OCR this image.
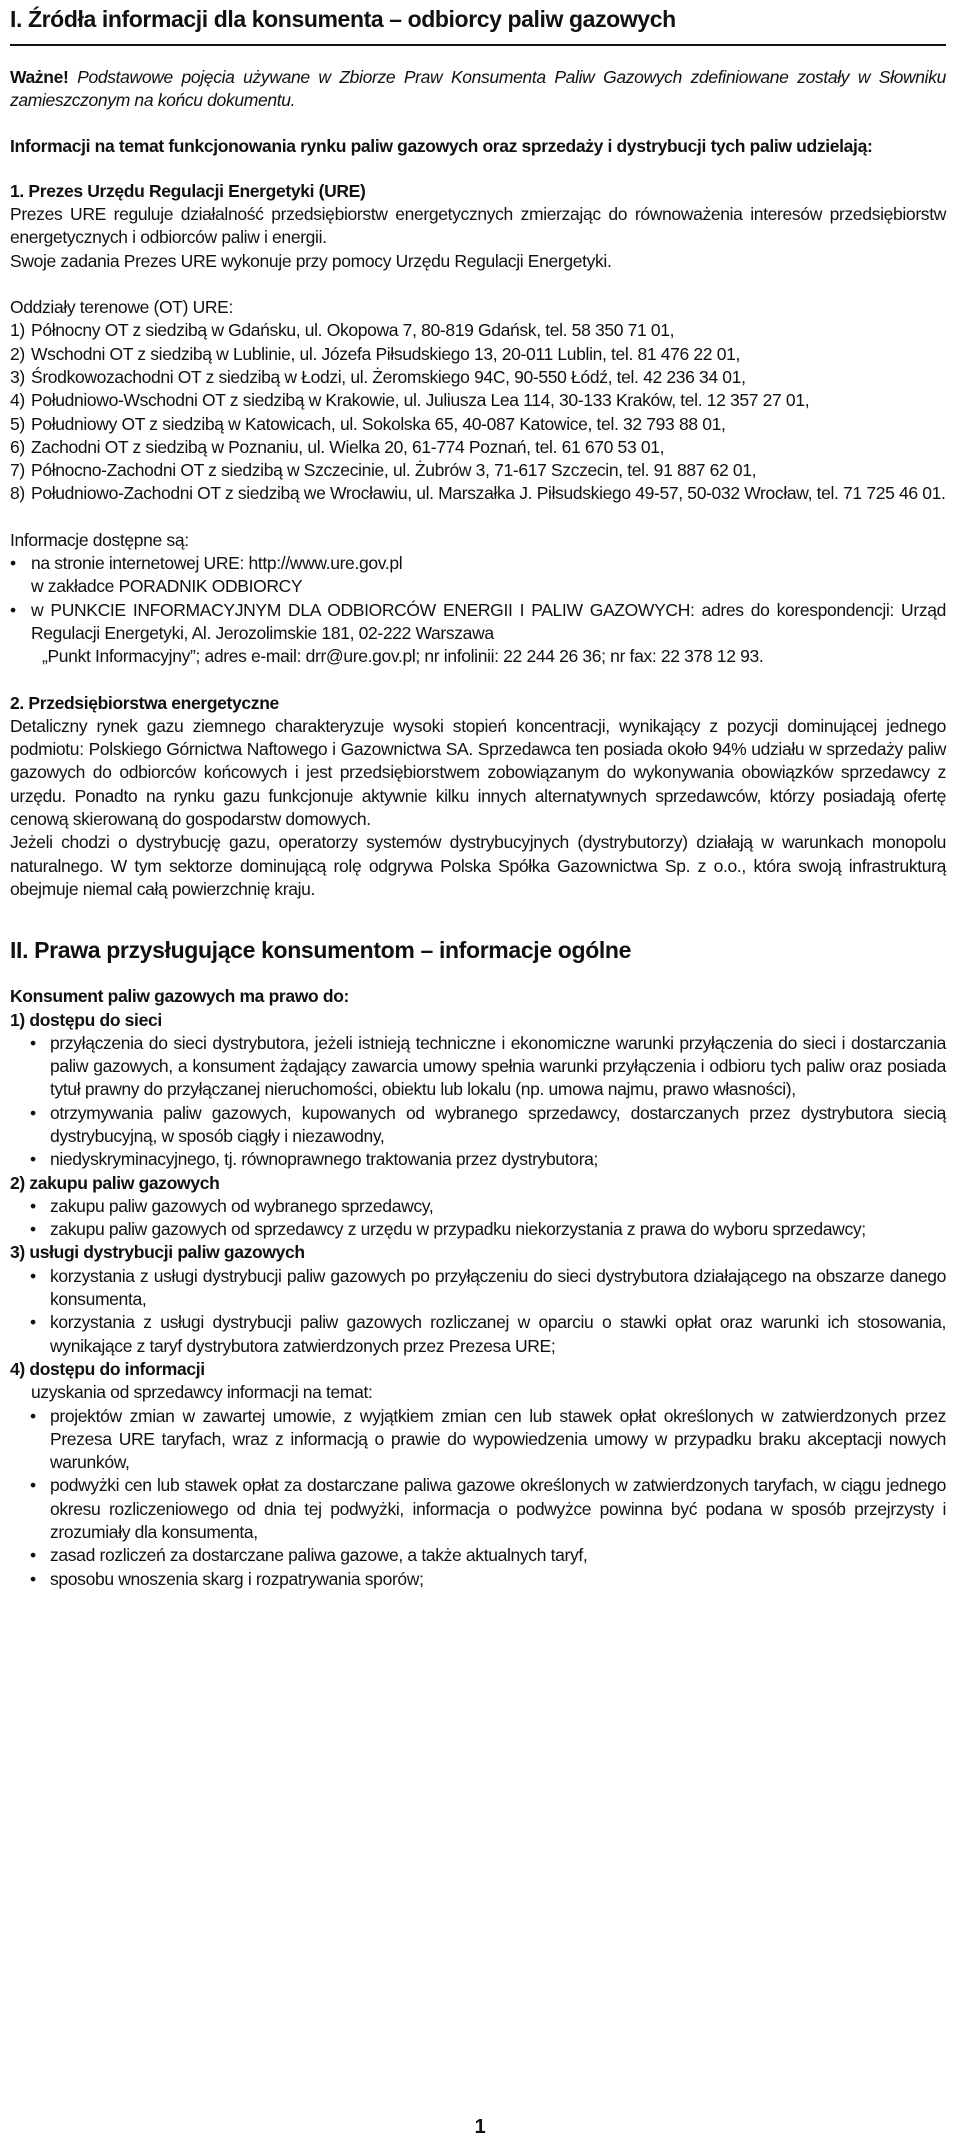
I. Źródła informacji dla konsumenta – odbiorcy paliw gazowych

Ważne! Podstawowe pojęcia używane w Zbiorze Praw Konsumenta Paliw Gazowych zdefiniowane zostały w Słowniku zamieszczonym na końcu dokumentu.

Informacji na temat funkcjonowania rynku paliw gazowych oraz sprzedaży i dystrybucji tych paliw udzielają:

1. Prezes Urzędu Regulacji Energetyki (URE)

Prezes URE reguluje działalność przedsiębiorstw energetycznych zmierzając do równoważenia interesów przedsiębiorstw energetycznych i odbiorców paliw i energii.

Swoje zadania Prezes URE wykonuje przy pomocy Urzędu Regulacji Energetyki.

Oddziały terenowe (OT) URE:

1) Północny OT z siedzibą w Gdańsku, ul. Okopowa 7, 80-819 Gdańsk, tel. 58 350 71 01,
2) Wschodni OT z siedzibą w Lublinie, ul. Józefa Piłsudskiego 13, 20-011 Lublin, tel. 81 476 22 01,
3) Środkowozachodni OT z siedzibą w Łodzi, ul. Żeromskiego 94C, 90-550 Łódź, tel. 42 236 34 01,
4) Południowo-Wschodni OT z siedzibą w Krakowie, ul. Juliusza Lea 114, 30-133 Kraków, tel. 12 357 27 01,
5) Południowy OT z siedzibą w Katowicach, ul. Sokolska 65, 40-087 Katowice, tel. 32 793 88 01,
6) Zachodni OT z siedzibą w Poznaniu, ul. Wielka 20, 61-774 Poznań, tel. 61 670 53 01,
7) Północno-Zachodni OT z siedzibą w Szczecinie, ul. Żubrów 3, 71-617 Szczecin, tel. 91 887 62 01,
8) Południowo-Zachodni OT z siedzibą we Wrocławiu, ul. Marszałka J. Piłsudskiego 49-57, 50-032 Wrocław, tel. 71 725 46 01.

Informacje dostępne są:

• na stronie internetowej URE: http://www.ure.gov.pl
w zakładce PORADNIK ODBIORCY
• w PUNKCIE INFORMACYJNYM DLA ODBIORCÓW ENERGII I PALIW GAZOWYCH: adres do korespondencji: Urząd Regulacji Energetyki, Al. Jerozolimskie 181, 02-222 Warszawa
„Punkt Informacyjny”; adres e-mail: drr@ure.gov.pl; nr infolinii: 22 244 26 36; nr fax: 22 378 12 93.

2. Przedsiębiorstwa energetyczne

Detaliczny rynek gazu ziemnego charakteryzuje wysoki stopień koncentracji, wynikający z pozycji dominującej jednego podmiotu: Polskiego Górnictwa Naftowego i Gazownictwa SA. Sprzedawca ten posiada około 94% udziału w sprzedaży paliw gazowych do odbiorców końcowych i jest przedsiębiorstwem zobowiązanym do wykonywania obowiązków sprzedawcy z urzędu. Ponadto na rynku gazu funkcjonuje aktywnie kilku innych alternatywnych sprzedawców, którzy posiadają ofertę cenową skierowaną do gospodarstw domowych.

Jeżeli chodzi o dystrybucję gazu, operatorzy systemów dystrybucyjnych (dystrybutorzy) działają w warunkach monopolu naturalnego. W tym sektorze dominującą rolę odgrywa Polska Spółka Gazownictwa Sp. z o.o., która swoją infrastrukturą obejmuje niemal całą powierzchnię kraju.

II. Prawa przysługujące konsumentom – informacje ogólne

Konsument paliw gazowych ma prawo do:

1) dostępu do sieci

• przyłączenia do sieci dystrybutora, jeżeli istnieją techniczne i ekonomiczne warunki przyłączenia do sieci i dostarczania paliw gazowych, a konsument żądający zawarcia umowy spełnia warunki przyłączenia i odbioru tych paliw oraz posiada tytuł prawny do przyłączanej nieruchomości, obiektu lub lokalu (np. umowa najmu, prawo własności),
• otrzymywania paliw gazowych, kupowanych od wybranego sprzedawcy, dostarczanych przez dystrybutora siecią dystrybucyjną, w sposób ciągły i niezawodny,
• niedyskryminacyjnego, tj. równoprawnego traktowania przez dystrybutora;

2) zakupu paliw gazowych

• zakupu paliw gazowych od wybranego sprzedawcy,
• zakupu paliw gazowych od sprzedawcy z urzędu w przypadku niekorzystania z prawa do wyboru sprzedawcy;

3) usługi dystrybucji paliw gazowych

• korzystania z usługi dystrybucji paliw gazowych po przyłączeniu do sieci dystrybutora działającego na obszarze danego konsumenta,
• korzystania z usługi dystrybucji paliw gazowych rozliczanej w oparciu o stawki opłat oraz warunki ich stosowania, wynikające z taryf dystrybutora zatwierdzonych przez Prezesa URE;

4) dostępu do informacji

uzyskania od sprzedawcy informacji na temat:

• projektów zmian w zawartej umowie, z wyjątkiem zmian cen lub stawek opłat określonych w zatwierdzonych przez Prezesa URE taryfach, wraz z informacją o prawie do wypowiedzenia umowy w przypadku braku akceptacji nowych warunków,
• podwyżki cen lub stawek opłat za dostarczane paliwa gazowe określonych w zatwierdzonych taryfach, w ciągu jednego okresu rozliczeniowego od dnia tej podwyżki, informacja o podwyżce powinna być podana w sposób przejrzysty i zrozumiały dla konsumenta,
• zasad rozliczeń za dostarczane paliwa gazowe, a także aktualnych taryf,
• sposobu wnoszenia skarg i rozpatrywania sporów;
1
